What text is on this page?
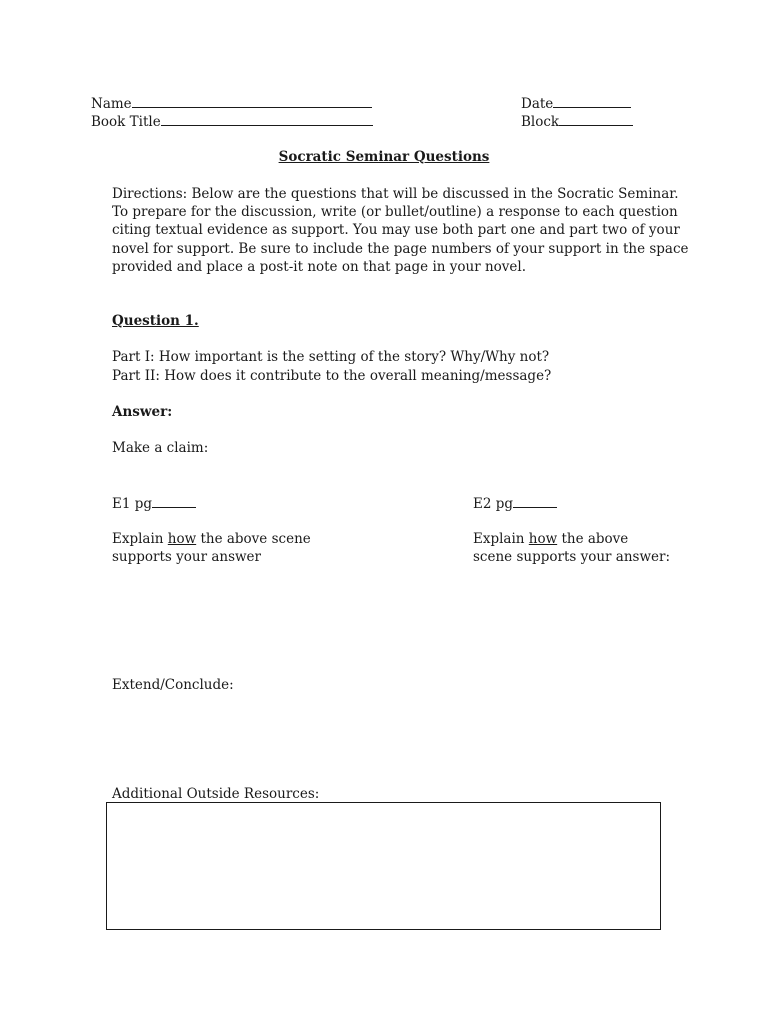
Name
Book Title
Date
Block
Socratic Seminar Questions
Directions: Below are the questions that will be discussed in the Socratic Seminar.
To prepare for the discussion, write (or bullet/outline) a response to each question
citing textual evidence as support. You may use both part one and part two of your
novel for support. Be sure to include the page numbers of your support in the space
provided and place a post-it note on that page in your novel.
Question 1.
Part I: How important is the setting of the story? Why/Why not?
Part II: How does it contribute to the overall meaning/message?
Answer:
Make a claim:
E1 pg
Explain how the above scene
supports your answer
E2 pg
Explain how the above
scene supports your answer:
Extend/Conclude:
Additional Outside Resources:
